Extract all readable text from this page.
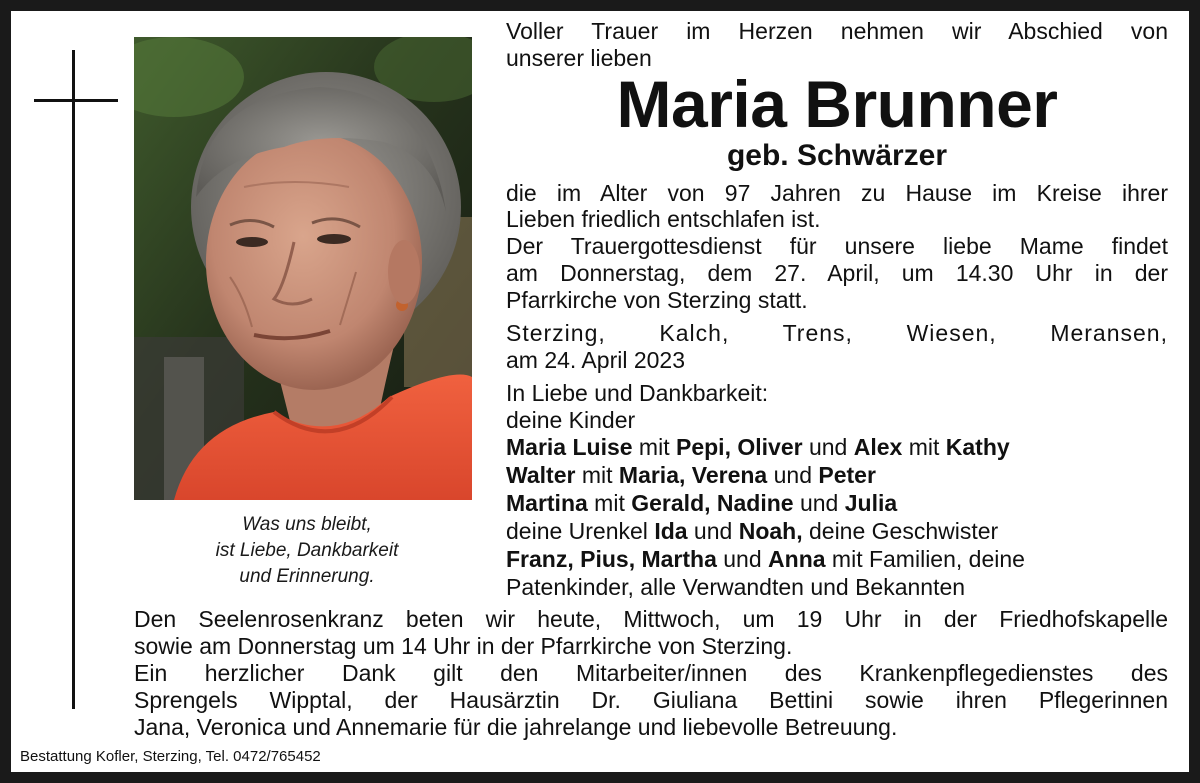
Was uns bleibt,
ist Liebe, Dankbarkeit
und Erinnerung.
Voller Trauer im Herzen nehmen wir Abschied von
unserer lieben
Maria Brunner
geb. Schwärzer
die im Alter von 97 Jahren zu Hause im Kreise ihrer
Lieben friedlich entschlafen ist.
Der Trauergottesdienst für unsere liebe Mame findet
am Donnerstag, dem 27. April, um 14.30 Uhr in der
Pfarrkirche von Sterzing statt.
Sterzing, Kalch, Trens, Wiesen, Meransen,
am 24. April 2023
In Liebe und Dankbarkeit:
deine Kinder
Maria Luise mit Pepi, Oliver und Alex mit Kathy
Walter mit Maria, Verena und Peter
Martina mit Gerald, Nadine und Julia
deine Urenkel Ida und Noah, deine Geschwister
Franz, Pius, Martha und Anna mit Familien, deine
Patenkinder, alle Verwandten und Bekannten
Den Seelenrosenkranz beten wir heute, Mittwoch, um 19 Uhr in der Friedhofskapelle
sowie am Donnerstag um 14 Uhr in der Pfarrkirche von Sterzing.
Ein herzlicher Dank gilt den Mitarbeiter/innen des Krankenpflegedienstes des
Sprengels Wipptal, der Hausärztin Dr. Giuliana Bettini sowie ihren Pflegerinnen
Jana, Veronica und Annemarie für die jahrelange und liebevolle Betreuung.
Bestattung Kofler, Sterzing, Tel. 0472/765452
